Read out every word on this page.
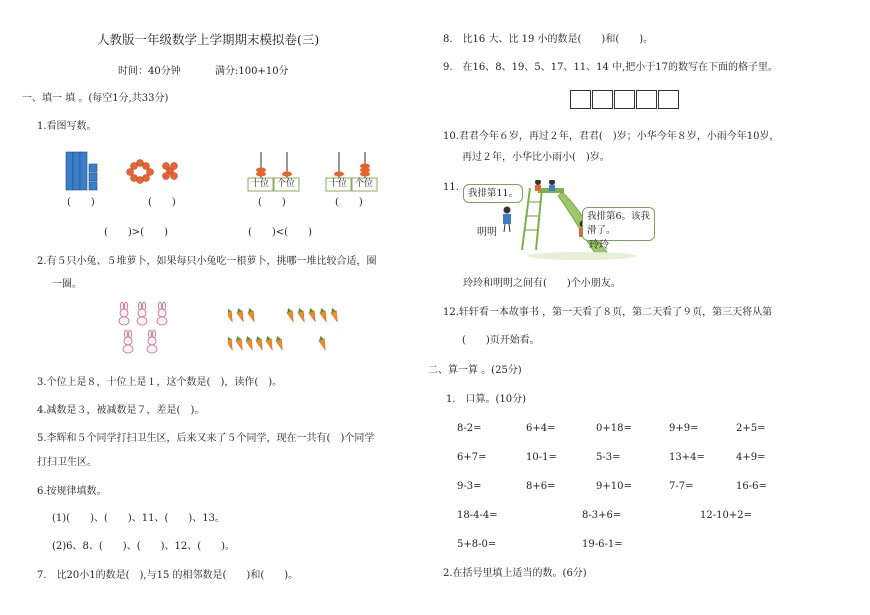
人教版一年级数学上学期期末模拟卷(三)
时间：40分钟	满分:100+10分
一、填一 填 。(每空1分,共33分)
1.看图写数。
(　　)	(　　)
(　　)>(　　)
十位 个位	十位 个位
(　　)	(　　)
(　　)<(　　)
2.有５只小兔、５堆萝卜，如果每只小兔吃一根萝卜，挑哪一堆比较合适，圈
一圈。
3.个位上是８，十位上是１，这个数是(　)，读作(　)。
4.减数是３，被减数是７，差是(　)。
5.李辉和５个同学打扫卫生区，后来又来了５个同学，现在一共有(　)个同学
打扫卫生区。
6.按规律填数。
(1)(　　)、(　　)、11、(　　)、13。
(2)6、8、(　　)、(　　)、12、(　　)。
7.　比20小1的数是(　),与15 的相邻数是(　　)和(　　)。
8.　比16 大、比 19 小的数是(　　)和(　　)。
9.　在16、8、19、5、17、11、14 中,把小于17的数写在下面的格子里。
10.君君今年６岁，再过２年，君君(　)岁；小华今年８岁，小雨今年10岁，
再过２年，小华比小雨小(　)岁。
11.
我排第11。
我排第6。该我
滑了。
明明
玲玲
玲玲和明明之间有(　　)个小朋友。
12.轩轩看一本故事书 ，第一天看了８页，第二天看了９页，第三天将从第
(　　)页开始看。
二、算一算 。(25分)
1.　口算。(10分)
8-2=	6+4=	0+18=	9+9=	2+5=
6+7=	10-1=	5-3=	13+4=	4+9=
9-3=	8+6=	9+10=	7-7=	16-6=
18-4-4=	8-3+6=	12-10+2=
5+8-0=	19-6-1=
2.在括号里填上适当的数。(6分)
